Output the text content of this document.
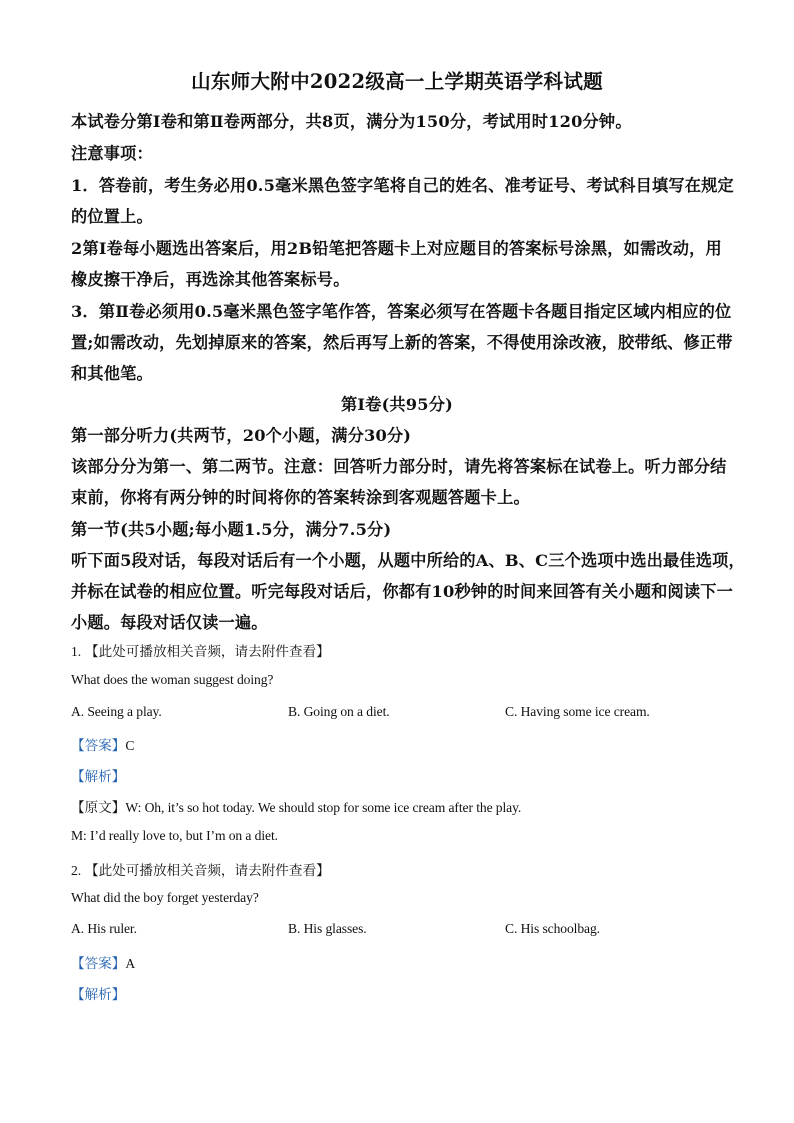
山东师大附中2022级高一上学期英语学科试题
本试卷分第Ⅰ卷和第Ⅱ卷两部分，共8页，满分为150分，考试用时120分钟。
注意事项：
1．答卷前，考生务必用0.5毫米黑色签字笔将自己的姓名、准考证号、考试科目填写在规定
的位置上。
2第Ⅰ卷每小题选出答案后，用2B铅笔把答题卡上对应题目的答案标号涂黑，如需改动，用
橡皮擦干净后，再选涂其他答案标号。
3．第Ⅱ卷必须用0.5毫米黑色签字笔作答，答案必须写在答题卡各题目指定区域内相应的位
置;如需改动，先划掉原来的答案，然后再写上新的答案，不得使用涂改液，胶带纸、修正带
和其他笔。
第I卷(共95分)
第一部分听力(共两节，20个小题，满分30分)
该部分分为第一、第二两节。注意：回答听力部分时，请先将答案标在试卷上。听力部分结
束前，你将有两分钟的时间将你的答案转涂到客观题答题卡上。
第一节(共5小题;每小题1.5分，满分7.5分)
听下面5段对话，每段对话后有一个小题，从题中所给的A、B、C三个选项中选出最佳选项，
并标在试卷的相应位置。听完每段对话后，你都有10秒钟的时间来回答有关小题和阅读下一
小题。每段对话仅读一遍。
1. 【此处可播放相关音频，请去附件查看】
What does the woman suggest doing?
A. Seeing a play.	B. Going on a diet.	C. Having some ice cream.
【答案】C
【解析】
【原文】W: Oh, it’s so hot today. We should stop for some ice cream after the play.
M: I’d really love to, but I’m on a diet.
2. 【此处可播放相关音频，请去附件查看】
What did the boy forget yesterday?
A. His ruler.	B. His glasses.	C. His schoolbag.
【答案】A
【解析】
